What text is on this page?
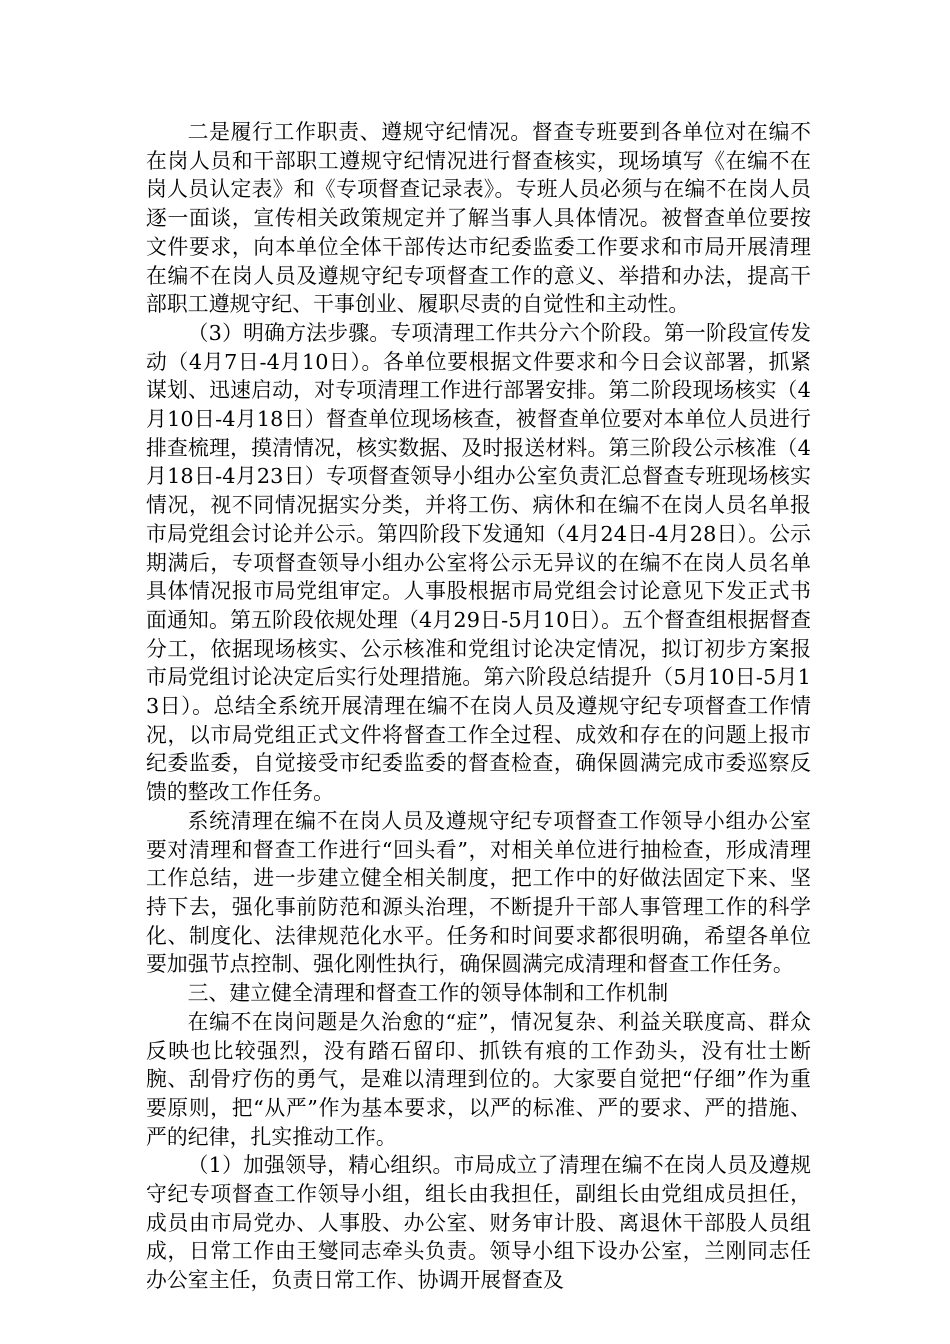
二是履行工作职责、遵规守纪情况。督查专班要到各单位对在编不在岗人员和干部职工遵规守纪情况进行督查核实，现场填写《在编不在岗人员认定表》和《专项督查记录表》。专班人员必须与在编不在岗人员逐一面谈，宣传相关政策规定并了解当事人具体情况。被督查单位要按文件要求，向本单位全体干部传达市纪委监委工作要求和市局开展清理在编不在岗人员及遵规守纪专项督查工作的意义、举措和办法，提高干部职工遵规守纪、干事创业、履职尽责的自觉性和主动性。

（3）明确方法步骤。专项清理工作共分六个阶段。第一阶段宣传发动（4月7日-4月10日）。各单位要根据文件要求和今日会议部署，抓紧谋划、迅速启动，对专项清理工作进行部署安排。第二阶段现场核实（4月10日-4月18日）督查单位现场核查，被督查单位要对本单位人员进行排查梳理，摸清情况，核实数据、及时报送材料。第三阶段公示核准（4月18日-4月23日）专项督查领导小组办公室负责汇总督查专班现场核实情况，视不同情况据实分类，并将工伤、病休和在编不在岗人员名单报市局党组会讨论并公示。第四阶段下发通知（4月24日-4月28日）。公示期满后，专项督查领导小组办公室将公示无异议的在编不在岗人员名单具体情况报市局党组审定。人事股根据市局党组会讨论意见下发正式书面通知。第五阶段依规处理（4月29日-5月10日）。五个督查组根据督查分工，依据现场核实、公示核准和党组讨论决定情况，拟订初步方案报市局党组讨论决定后实行处理措施。第六阶段总结提升（5月10日-5月13日）。总结全系统开展清理在编不在岗人员及遵规守纪专项督查工作情况，以市局党组正式文件将督查工作全过程、成效和存在的问题上报市纪委监委，自觉接受市纪委监委的督查检查，确保圆满完成市委巡察反馈的整改工作任务。

系统清理在编不在岗人员及遵规守纪专项督查工作领导小组办公室要对清理和督查工作进行“回头看”，对相关单位进行抽检查，形成清理工作总结，进一步建立健全相关制度，把工作中的好做法固定下来、坚持下去，强化事前防范和源头治理，不断提升干部人事管理工作的科学化、制度化、法律规范化水平。任务和时间要求都很明确，希望各单位要加强节点控制、强化刚性执行，确保圆满完成清理和督查工作任务。

三、建立健全清理和督查工作的领导体制和工作机制

在编不在岗问题是久治愈的“症”，情况复杂、利益关联度高、群众反映也比较强烈，没有踏石留印、抓铁有痕的工作劲头，没有壮士断腕、刮骨疗伤的勇气，是难以清理到位的。大家要自觉把“仔细”作为重要原则，把“从严”作为基本要求，以严的标准、严的要求、严的措施、严的纪律，扎实推动工作。

（1）加强领导，精心组织。市局成立了清理在编不在岗人员及遵规守纪专项督查工作领导小组，组长由我担任，副组长由党组成员担任，成员由市局党办、人事股、办公室、财务审计股、离退休干部股人员组成，日常工作由王燮同志牵头负责。领导小组下设办公室，兰刚同志任办公室主任，负责日常工作、协调开展督查及
